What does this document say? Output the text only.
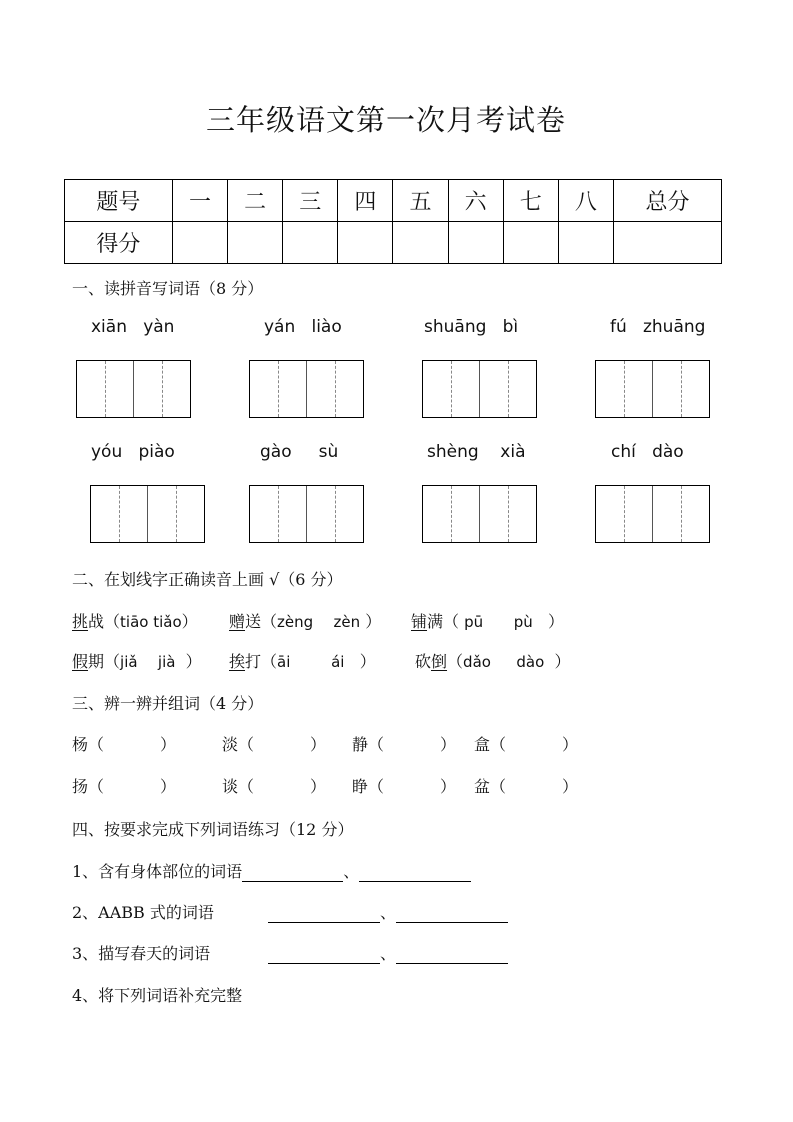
三年级语文第一次月考试卷
题号	一	二	三	四	五	六	七	八	总分
得分									
一、读拼音写词语（8 分）
xiān yàn	yán liào	shuāng bì	fú zhuāng
yóu piào	gào sù	shèng xià	chí dào
二、在划线字正确读音上画 √（6 分）
挑战（tiāo tiǎo） 赠送（zèng zèn ） 铺满（ pū pù ）
假期（jiǎ jià ） 挨打（āi	ái ） 砍倒（dǎo dào ）
三、辨一辨并组词（4 分）
杨（	）	淡（	） 静（	） 盒（	）
扬（	）	谈（	） 睁（	） 盆（	）
四、按要求完成下列词语练习（12 分）
1、含有身体部位的词语	、
2、AABB 式的词语	、
3、描写春天的词语	、
4、将下列词语补充完整
